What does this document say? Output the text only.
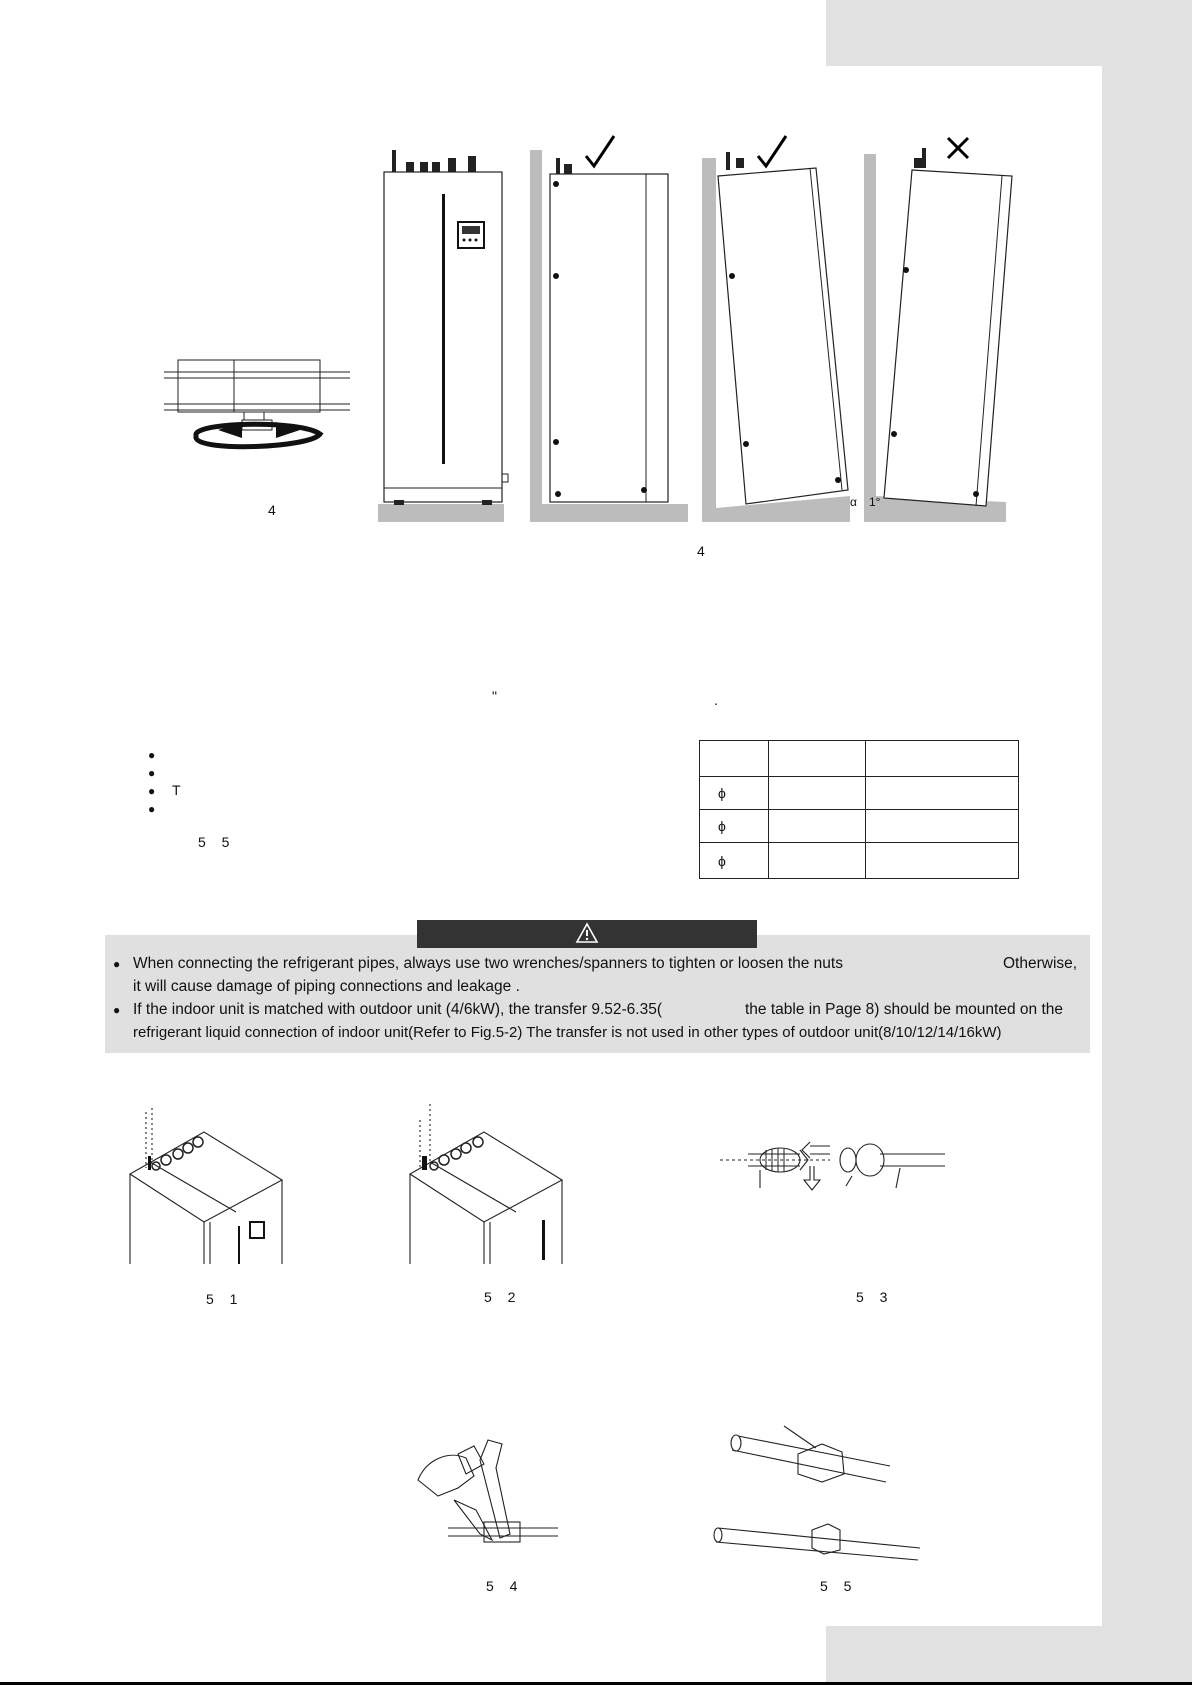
4	α 1°
4
"	.
●
●
● T
●
5 5

ϕ		
ϕ		
ϕ		
● When connecting the refrigerant pipes, always use two wrenches/spanners to tighten or loosen the nuts	Otherwise,
it will cause damage of piping connections and leakage .
● If the indoor unit is matched with outdoor unit (4/6kW), the transfer 9.52-6.35(	the table in Page 8) should be mounted on the
refrigerant liquid connection of indoor unit(Refer to Fig.5-2) The transfer is not used in other types of outdoor unit(8/10/12/14/16kW)
5 1	5 2	5 3
5 4	5 5
